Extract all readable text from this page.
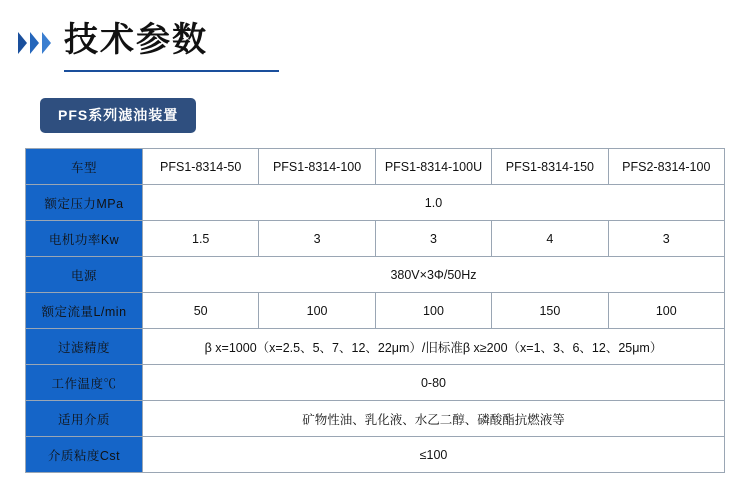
技术参数
PFS系列滤油装置
车型	PFS1-8314-50	PFS1-8314-100	PFS1-8314-100U	PFS1-8314-150	PFS2-8314-100
额定压力MPa	1.0				
电机功率Kw	1.5	3	3	4	3
电源	380V×3Φ/50Hz				
额定流量L/min	50	100	100	150	100
过滤精度	β x=1000（x=2.5、5、7、12、22μm）/旧标准β x≥200（x=1、3、6、12、25μm）				
工作温度℃	0-80				
适用介质	矿物性油、乳化液、水乙二醇、磷酸酯抗燃液等				
介质粘度Cst	≤100				
